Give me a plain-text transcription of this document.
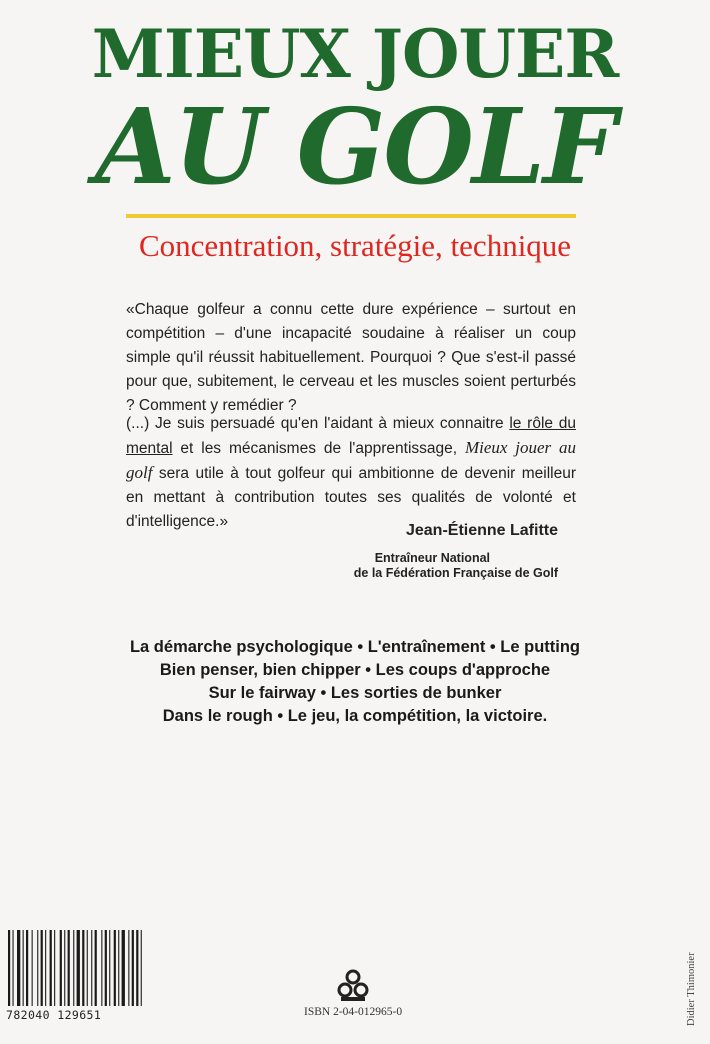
MIEUX JOUER
AU GOLF
Concentration, stratégie, technique

«Chaque golfeur a connu cette dure expérience – surtout en compétition – d'une incapacité soudaine à réaliser un coup simple qu'il réussit habituellement. Pourquoi ? Que s'est-il passé pour que, subitement, le cerveau et les muscles soient perturbés ? Comment y remédier ?

(...) Je suis persuadé qu'en l'aidant à mieux connaitre le rôle du mental et les mécanismes de l'apprentissage, Mieux jouer au golf sera utile à tout golfeur qui ambitionne de devenir meilleur en mettant à contribution toutes ses qualités de volonté et d'intelligence.»

Jean-Étienne Lafitte
Entraîneur National
de la Fédération Française de Golf
La démarche psychologique • L'entraînement • Le putting
Bien penser, bien chipper • Les coups d'approche
Sur le fairway • Les sorties de bunker
Dans le rough • Le jeu, la compétition, la victoire.
782040 129651	ISBN 2-04-012965-0	Didier Thimonier
